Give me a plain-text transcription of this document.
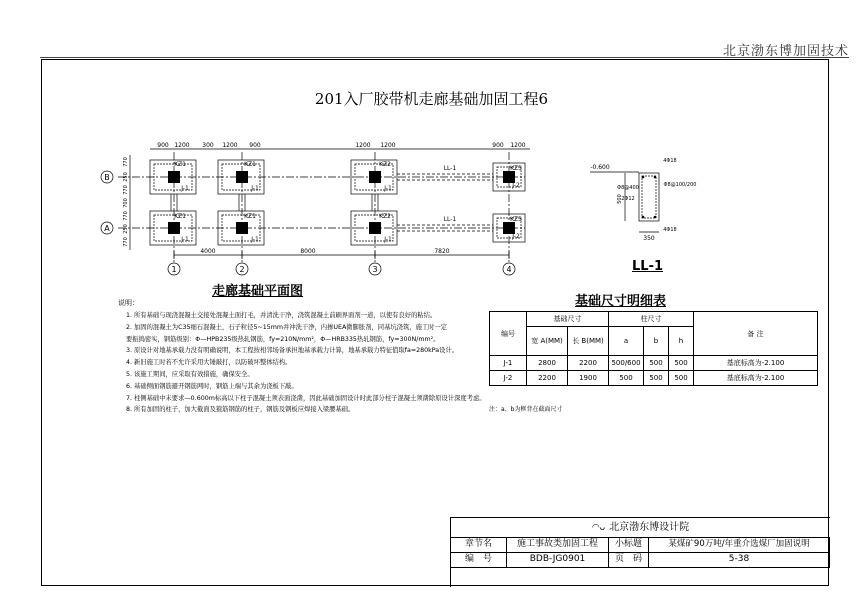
北京渤东博加固技术
201入厂胶带机走廊基础加固工程6
900 1200 300 1200 900	1200 1200	900 1200
KZ1	KZ1	KZ2
KZ3
KZ1	KZ1	KZ2	KZ3
J-1	J-1	J-1	J-2
J-1	J-1	J-1	J-2
LL-1
LL-1
4000	8000	7820
1	2	3	4
B
A
770
250
770
700
770
250
770
-0.600
500
350
4Φ18
4Φ18
Φ8@100/200
2Φ12
Φ8@400
走廊基础平面图
LL-1
基础尺寸明细表
说明：
1. 所有基础与现浇混凝土交接处混凝土面打毛，并清洗干净，浇筑混凝土前刷界面剂一道，以使有良好的粘结。
2. 加固的混凝土为C35细石混凝土，石子粒径5~15mm并冲洗干净，内掺UEA微膨胀剂，同基坑浇筑，施工时一定
要振捣密实，钢筋级别：Φ—HPB235级热轧钢筋，fy=210N/mm²，Φ—HRB335热轧钢筋，fy=300N/mm²。
3. 原设计对地基承载力没有明确说明，本工程按相邻场备承担地基承载力计算，地基承载力特征值取fa=280kPa设计。
4. 新旧施工时若不允许采用大锤敲打，以防破坏整体结构。
5. 该施工期间，应采取有效措施，确保安全。
6. 基础侧面钢筋避开钢筋网时，钢筋上端与其余为浇板下敲。
7. 柱侧基础中未要求—0.600m标高以下柱子混凝土须表面浇凿，因此基础加固设计时此部分柱子混凝土须凿除原设计深度考虑。
8. 所有加固的柱子，加大截面及箍筋钢筋的柱子，钢筋及钢板应焊接入梁腰基础。
编号	基础尺寸		柱尺寸			备 注
	宽 A(MM)	长 B(MM)	a	b	h	
J-1	2800	2200	500/600	500	500	基底标高为-2.100
J-2	2200	1900	500	500	500	基底标高为-2.100
注：a、b为框背在截面尺寸
◠ᴗ 北京渤东博设计院
章节名	施工事故类加固工程	小标题	某煤矿90万吨/年重介选煤厂加固说明
编　号	BDB-JG0901	页　码	5-38
